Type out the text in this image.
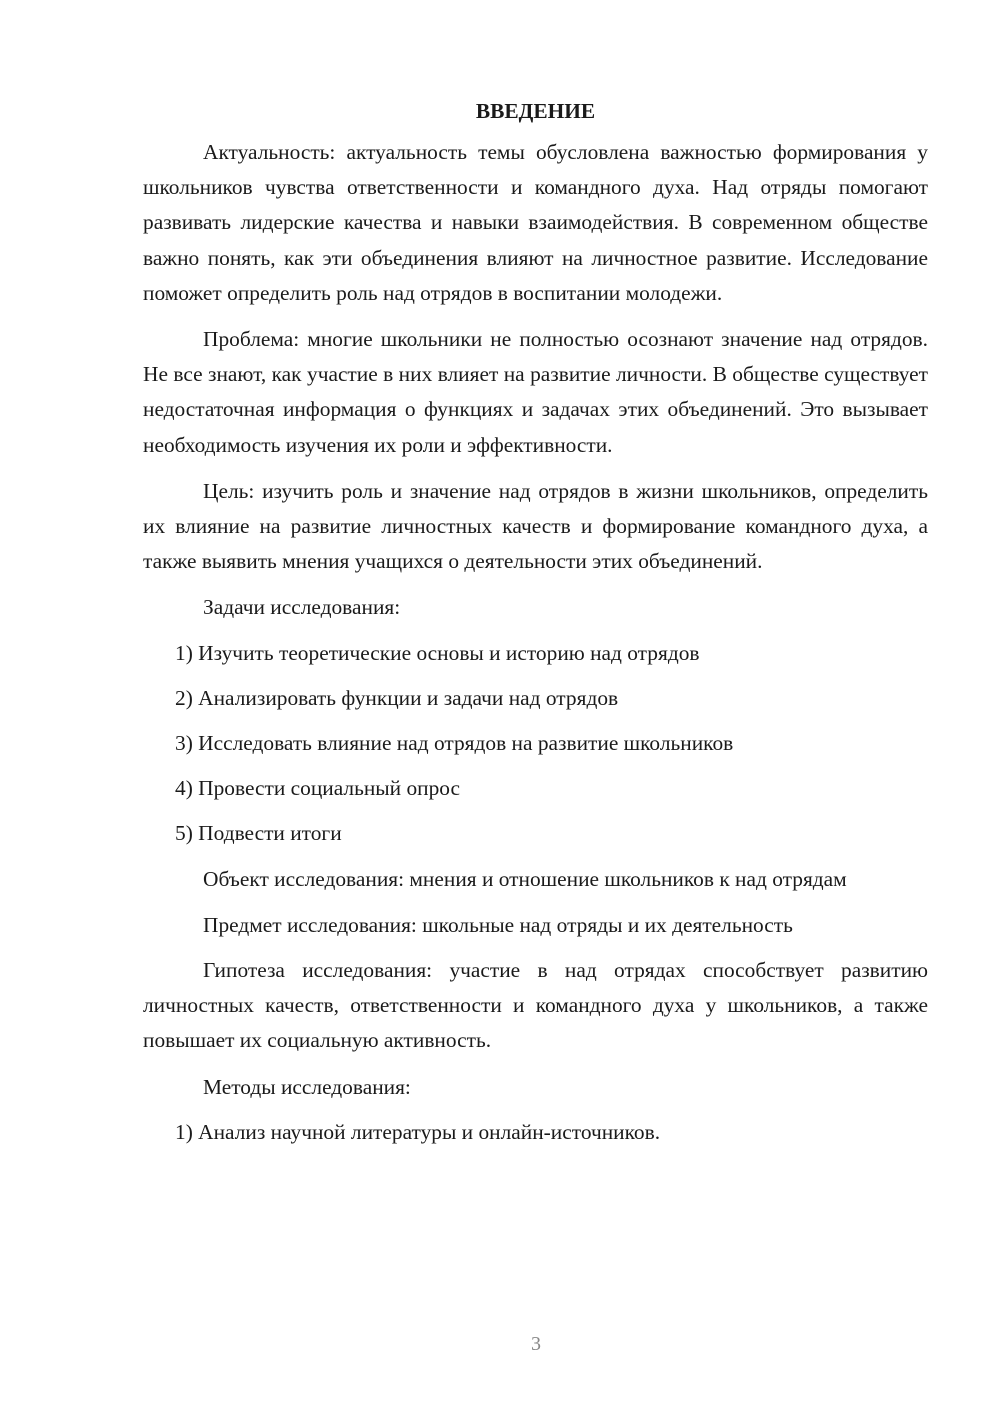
ВВЕДЕНИЕ

Актуальность: актуальность темы обусловлена важностью формирования у школьников чувства ответственности и командного духа. Над отряды помогают развивать лидерские качества и навыки взаимодействия. В современном обществе важно понять, как эти объединения влияют на личностное развитие. Исследование поможет определить роль над отрядов в воспитании молодежи.

Проблема: многие школьники не полностью осознают значение над отрядов. Не все знают, как участие в них влияет на развитие личности. В обществе существует недостаточная информация о функциях и задачах этих объединений. Это вызывает необходимость изучения их роли и эффективности.

Цель: изучить роль и значение над отрядов в жизни школьников, определить их влияние на развитие личностных качеств и формирование командного духа, а также выявить мнения учащихся о деятельности этих объединений.

Задачи исследования:

1) Изучить теоретические основы и историю над отрядов

2) Анализировать функции и задачи над отрядов

3) Исследовать влияние над отрядов на развитие школьников

4) Провести социальный опрос

5) Подвести итоги

Объект исследования: мнения и отношение школьников к над отрядам

Предмет исследования: школьные над отряды и их деятельность

Гипотеза исследования: участие в над отрядах способствует развитию личностных качеств, ответственности и командного духа у школьников, а также повышает их социальную активность.

Методы исследования:

1) Анализ научной литературы и онлайн-источников.

3
